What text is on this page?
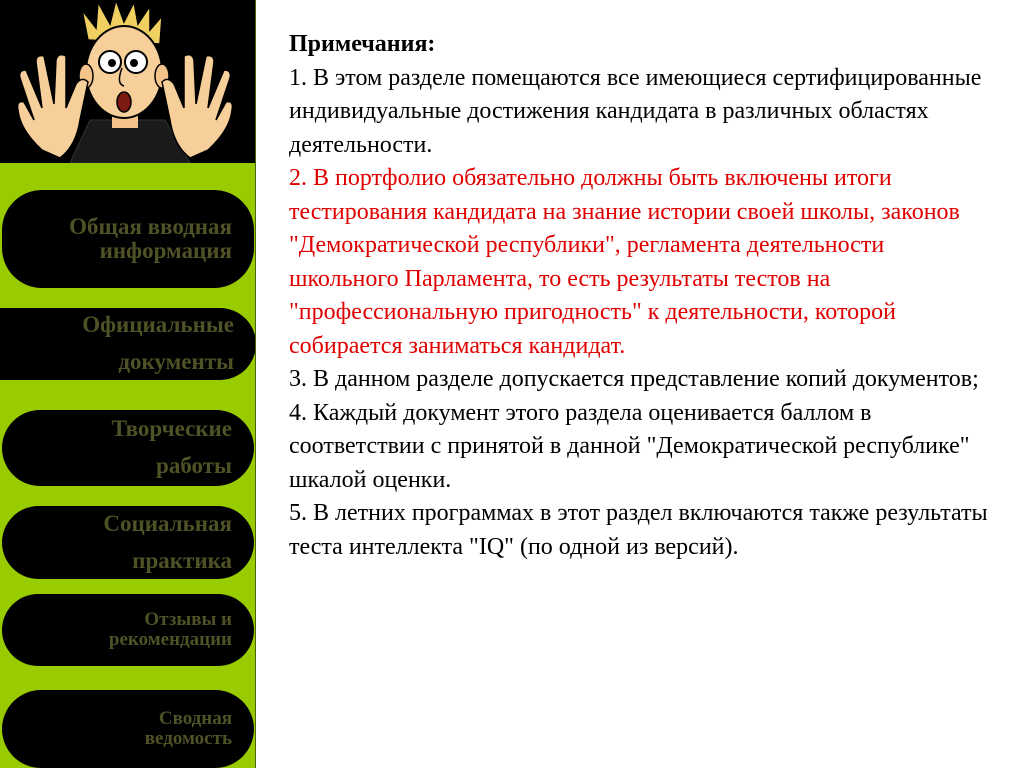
Общая вводная информация
Официальные документы
Творческие работы
Социальная практика
Отзывы и рекомендации
Сводная ведомость

Примечания:

1. В этом разделе помещаются все имеющиеся сертифицированные индивидуальные достижения кандидата в различных областях деятельности.

2. В портфолио обязательно должны быть включены итоги тестирования кандидата на знание истории своей школы, законов "Демократической республики", регламента деятельности школьного Парламента, то есть результаты тестов на "профессиональную пригодность" к деятельности, которой собирается заниматься кандидат.

3. В данном разделе допускается представление копий документов;

4. Каждый документ этого раздела оценивается баллом в соответствии с принятой в данной "Демократической республике" шкалой оценки.

5. В летних программах в этот раздел включаются также результаты теста интеллекта "IQ" (по одной из версий).
